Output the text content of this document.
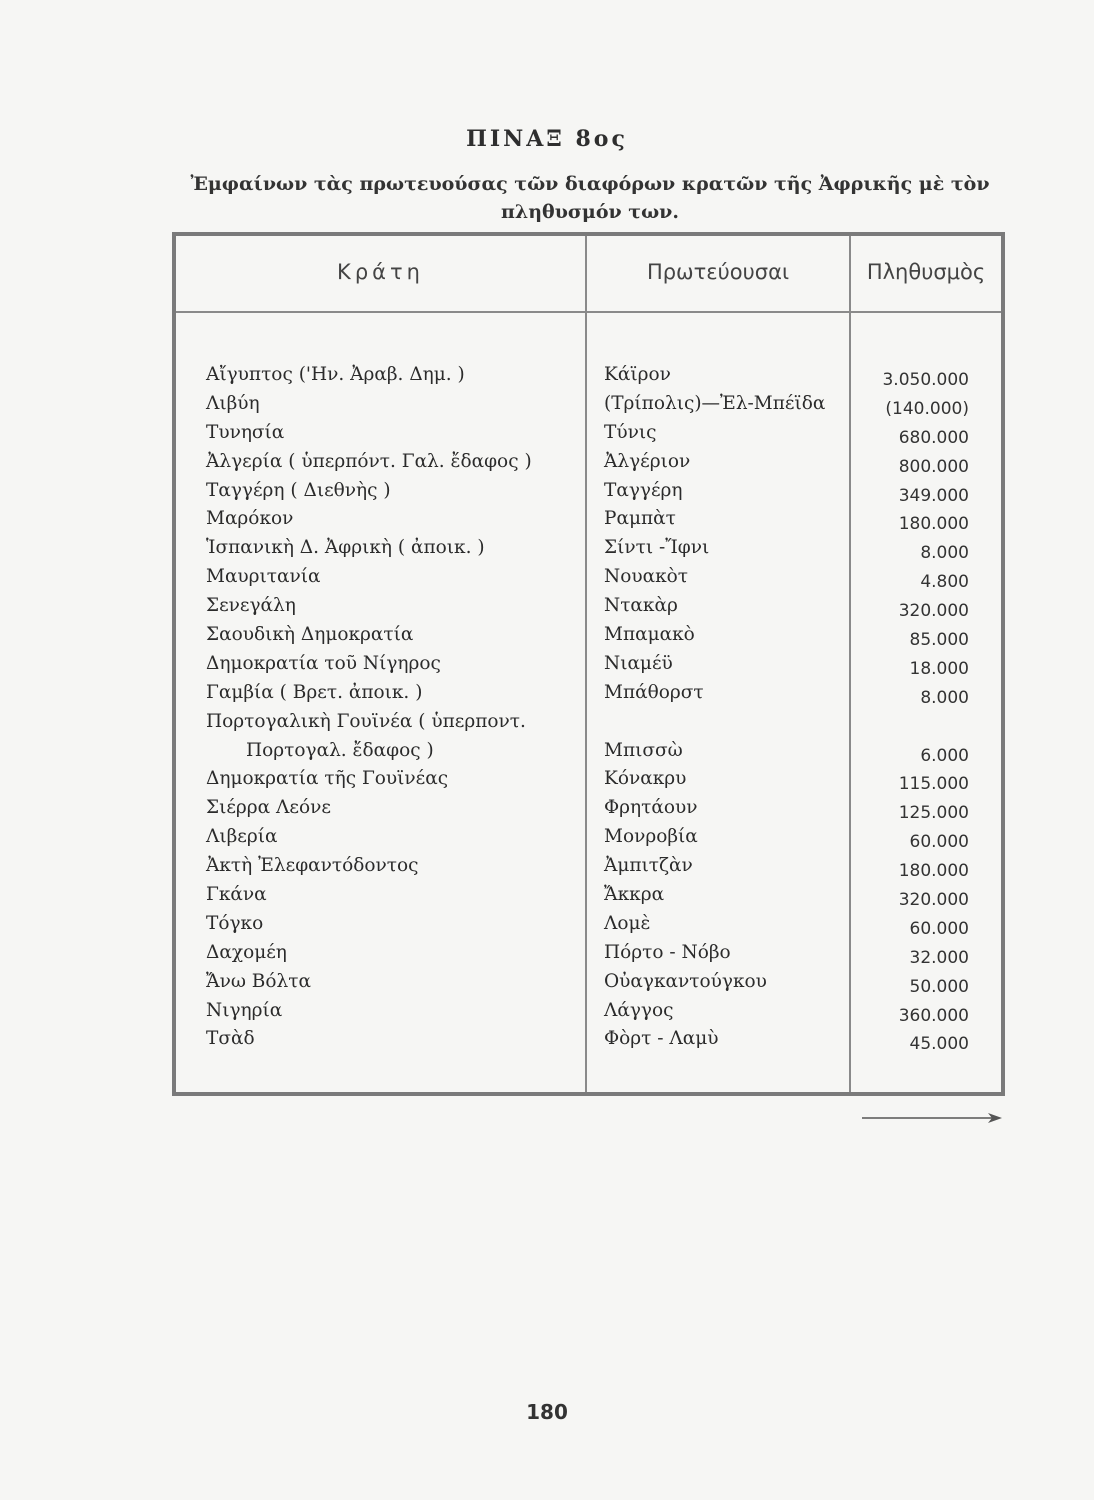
ΠΙΝΑΞ 8ος
Ἐμφαίνων τὰς πρωτευούσας τῶν διαφόρων κρατῶν τῆς Ἀφρικῆς μὲ τὸν
πληθυσμόν των.
Κράτη	Πρωτεύουσαι	Πληθυσμὸς
Αἴγυπτος ('Ην. Ἀραβ. Δημ. )	Κάϊρον	3.050.000
Λιβύη	(Τρίπολις)—Ἐλ-Μπέϊδα	(140.000)
Τυνησία	Τύνις	680.000
Ἀλγερία ( ὑπερπόντ. Γαλ. ἔδαφος )	Ἀλγέριον	800.000
Ταγγέρη ( Διεθνὴς )	Ταγγέρη	349.000
Μαρόκον	Ραμπὰτ	180.000
Ἱσπανικὴ Δ. Ἀφρικὴ ( ἀποικ. )	Σίντι -Ἴφνι	8.000
Μαυριτανία	Νουακὸτ	4.800
Σενεγάλη	Ντακὰρ	320.000
Σαουδικὴ Δημοκρατία	Μπαμακὸ	85.000
Δημοκρατία τοῦ Νίγηρος	Νιαμέϋ	18.000
Γαμβία ( Βρετ. ἀποικ. )	Μπάθορστ	8.000
Πορτογαλικὴ Γουϊνέα ( ὑπερποντ.
Πορτογαλ. ἔδαφος )	Μπισσὼ	6.000
Δημοκρατία τῆς Γουϊνέας	Κόνακρυ	115.000
Σιέρρα Λεόνε	Φρητάουν	125.000
Λιβερία	Μονροβία	60.000
Ἀκτὴ Ἐλεφαντόδοντος	Ἀμπιτζὰν	180.000
Γκάνα	Ἄκκρα	320.000
Τόγκο	Λομὲ	60.000
Δαχομέη	Πόρτο - Νόβο	32.000
Ἄνω Βόλτα	Οὐαγκαντούγκου	50.000
Νιγηρία	Λάγγος	360.000
Τσὰδ	Φὸρτ - Λαμὺ	45.000
180
